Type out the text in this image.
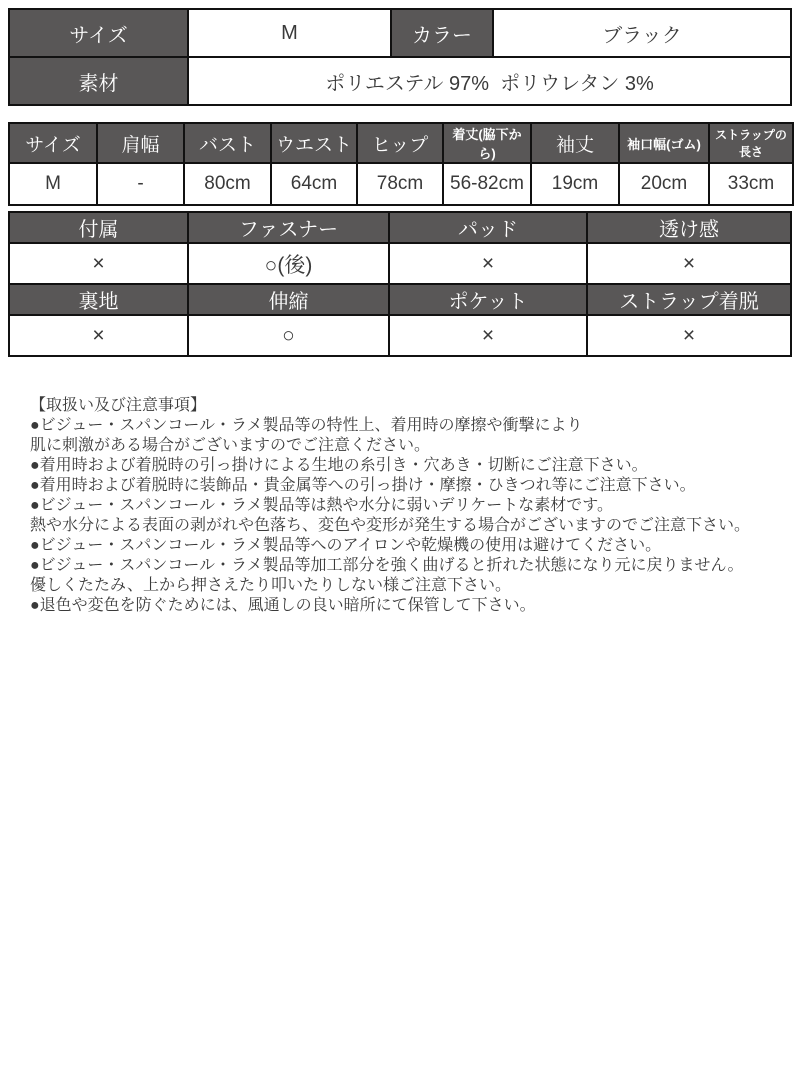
サイズ	M	カラー	ブラック
素材	ポリエステル 97%  ポリウレタン 3%		
サイズ	肩幅	バスト	ウエスト	ヒップ	着丈(脇下から)	袖丈	袖口幅(ゴム)	ストラップの長さ
M	-	80cm	64cm	78cm	56-82cm	19cm	20cm	33cm
付属	ファスナー	パッド	透け感
×	○(後)	×	×
裏地	伸縮	ポケット	ストラップ着脱
×	○	×	×
【取扱い及び注意事項】
●ビジュー・スパンコール・ラメ製品等の特性上、着用時の摩擦や衝撃により
肌に刺激がある場合がございますのでご注意ください。
●着用時および着脱時の引っ掛けによる生地の糸引き・穴あき・切断にご注意下さい。
●着用時および着脱時に装飾品・貴金属等への引っ掛け・摩擦・ひきつれ等にご注意下さい。
●ビジュー・スパンコール・ラメ製品等は熱や水分に弱いデリケートな素材です。
熱や水分による表面の剥がれや色落ち、変色や変形が発生する場合がございますのでご注意下さい。
●ビジュー・スパンコール・ラメ製品等へのアイロンや乾燥機の使用は避けてください。
●ビジュー・スパンコール・ラメ製品等加工部分を強く曲げると折れた状態になり元に戻りません。
優しくたたみ、上から押さえたり叩いたりしない様ご注意下さい。
●退色や変色を防ぐためには、風通しの良い暗所にて保管して下さい。
